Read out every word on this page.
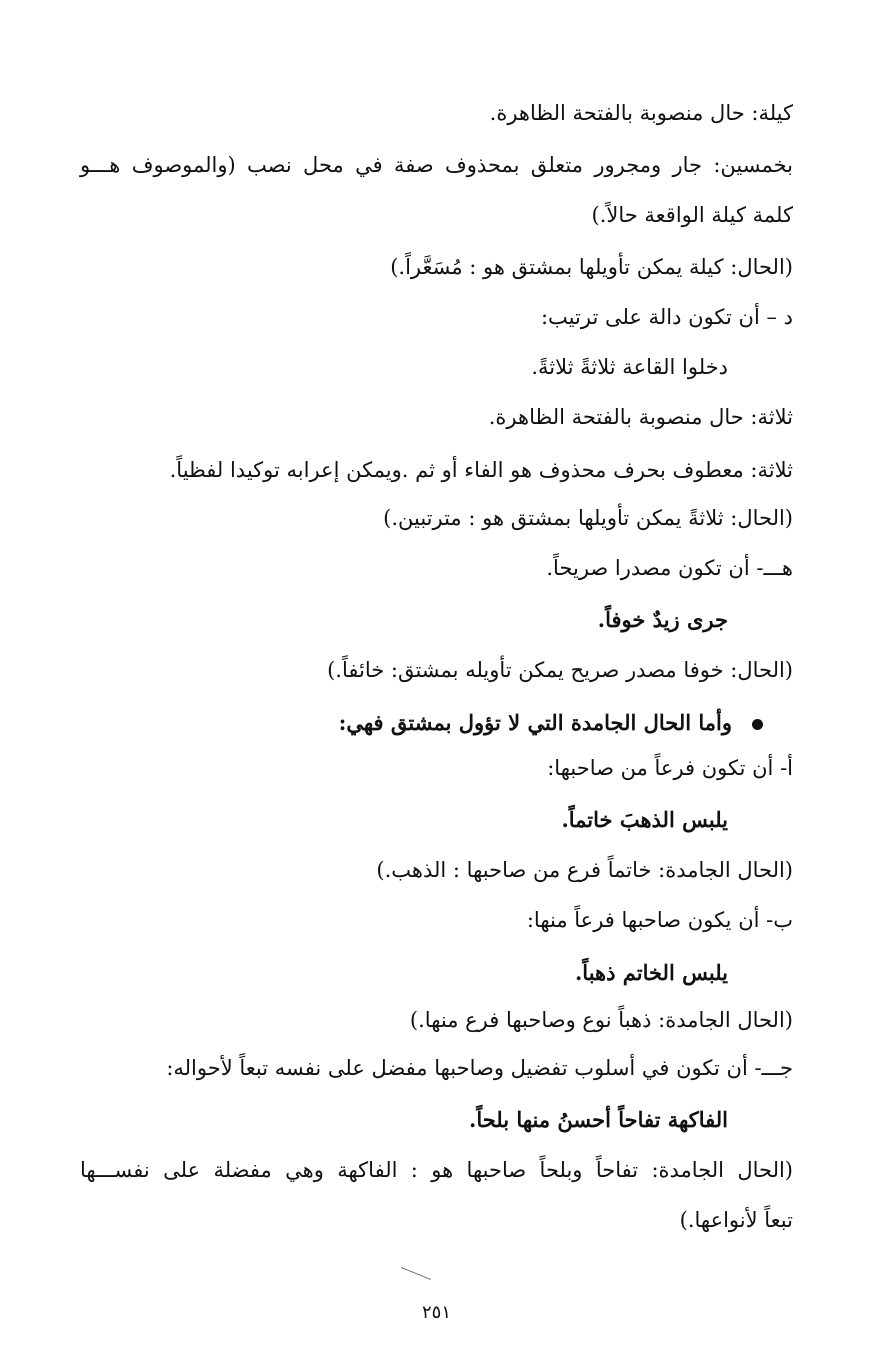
كيلة: حال منصوبة بالفتحة الظاهرة.
بخمسين: جار ومجرور متعلق بمحذوف صفة في محل نصب (والموصوف هـــو
كلمة كيلة الواقعة حالاً.)
(الحال: كيلة يمكن تأويلها بمشتق هو : مُسَعَّراً.)
د – أن تكون دالة على ترتيب:
دخلوا القاعة ثلاثةً ثلاثةً.
ثلاثة: حال منصوبة بالفتحة الظاهرة.
ثلاثة: معطوف بحرف محذوف هو الفاء أو ثم .ويمكن إعرابه توكيدا لفظياً.
(الحال: ثلاثةً يمكن تأويلها بمشتق هو : مترتبين.)
هـــ- أن تكون مصدرا صريحاً.
جرى زيدٌ خوفاً.
(الحال: خوفا مصدر صريح يمكن تأويله بمشتق: خائفاً.)
وأما الحال الجامدة التي لا تؤول بمشتق فهي:
أ- أن تكون فرعاً من صاحبها:
يلبس الذهبَ خاتماً.
(الحال الجامدة: خاتماً فرع من صاحبها : الذهب.)
ب- أن يكون صاحبها فرعاً منها:
يلبس الخاتم ذهباً.
(الحال الجامدة: ذهباً نوع وصاحبها فرع منها.)
جـــ- أن تكون في أسلوب تفضيل وصاحبها مفضل على نفسه تبعاً لأحواله:
الفاكهة تفاحاً أحسنُ منها بلحاً.
(الحال الجامدة: تفاحاً وبلحاً صاحبها هو : الفاكهة وهي مفضلة على نفســـها
تبعاً لأنواعها.)
٢٥١
